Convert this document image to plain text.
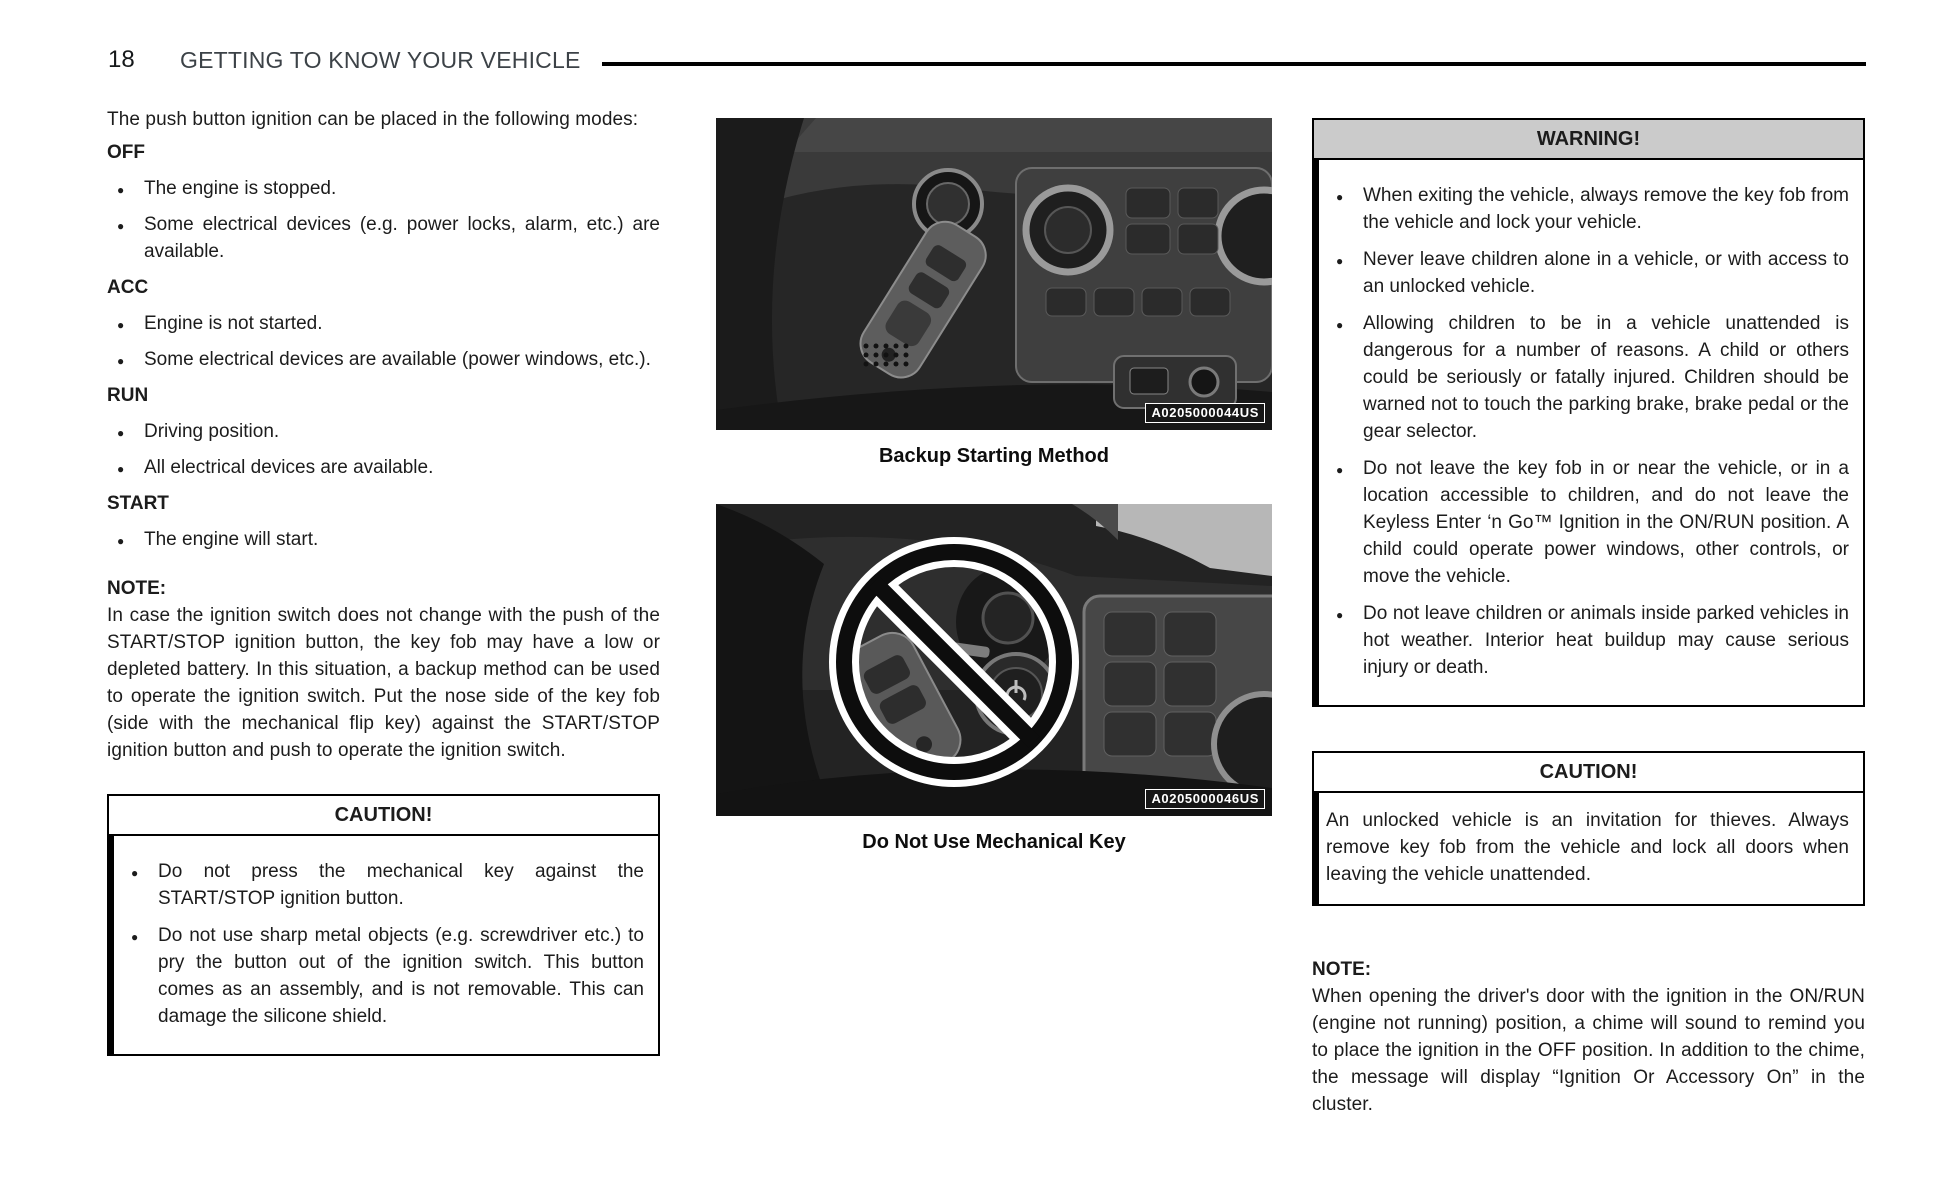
18 GETTING TO KNOW YOUR VEHICLE
The push button ignition can be placed in the following modes:
OFF
●
The engine is stopped.
●
Some electrical devices (e.g. power locks, alarm, etc.) are available.
ACC
●
Engine is not started.
●
Some electrical devices are available (power windows, etc.).
RUN
●
Driving position.
●
All electrical devices are available.
START
●
The engine will start.
NOTE:
In case the ignition switch does not change with the push of the START/STOP ignition button, the key fob may have a low or depleted battery. In this situation, a backup method can be used to operate the ignition switch. Put the nose side of the key fob (side with the mechanical flip key) against the START/STOP ignition button and push to operate the ignition switch.
CAUTION!
●
Do not press the mechanical key against the START/STOP ignition button.
●
Do not use sharp metal objects (e.g. screwdriver etc.) to pry the button out of the ignition switch. This button comes as an assembly, and is not removable. This can damage the silicone shield.
A0205000044US
Backup Starting Method
A0205000046US
Do Not Use Mechanical Key
WARNING!
●
When exiting the vehicle, always remove the key fob from the vehicle and lock your vehicle.
●
Never leave children alone in a vehicle, or with access to an unlocked vehicle.
●
Allowing children to be in a vehicle unattended is dangerous for a number of reasons. A child or others could be seriously or fatally injured. Children should be warned not to touch the parking brake, brake pedal or the gear selector.
●
Do not leave the key fob in or near the vehicle, or in a location accessible to children, and do not leave the Keyless Enter ‘n Go™ Ignition in the ON/RUN position. A child could operate power windows, other controls, or move the vehicle.
●
Do not leave children or animals inside parked vehicles in hot weather. Interior heat buildup may cause serious injury or death.
CAUTION!
An unlocked vehicle is an invitation for thieves. Always remove key fob from the vehicle and lock all doors when leaving the vehicle unattended.
NOTE:
When opening the driver's door with the ignition in the ON/RUN (engine not running) position, a chime will sound to remind you to place the ignition in the OFF position. In addition to the chime, the message will display “Ignition Or Accessory On” in the cluster.
